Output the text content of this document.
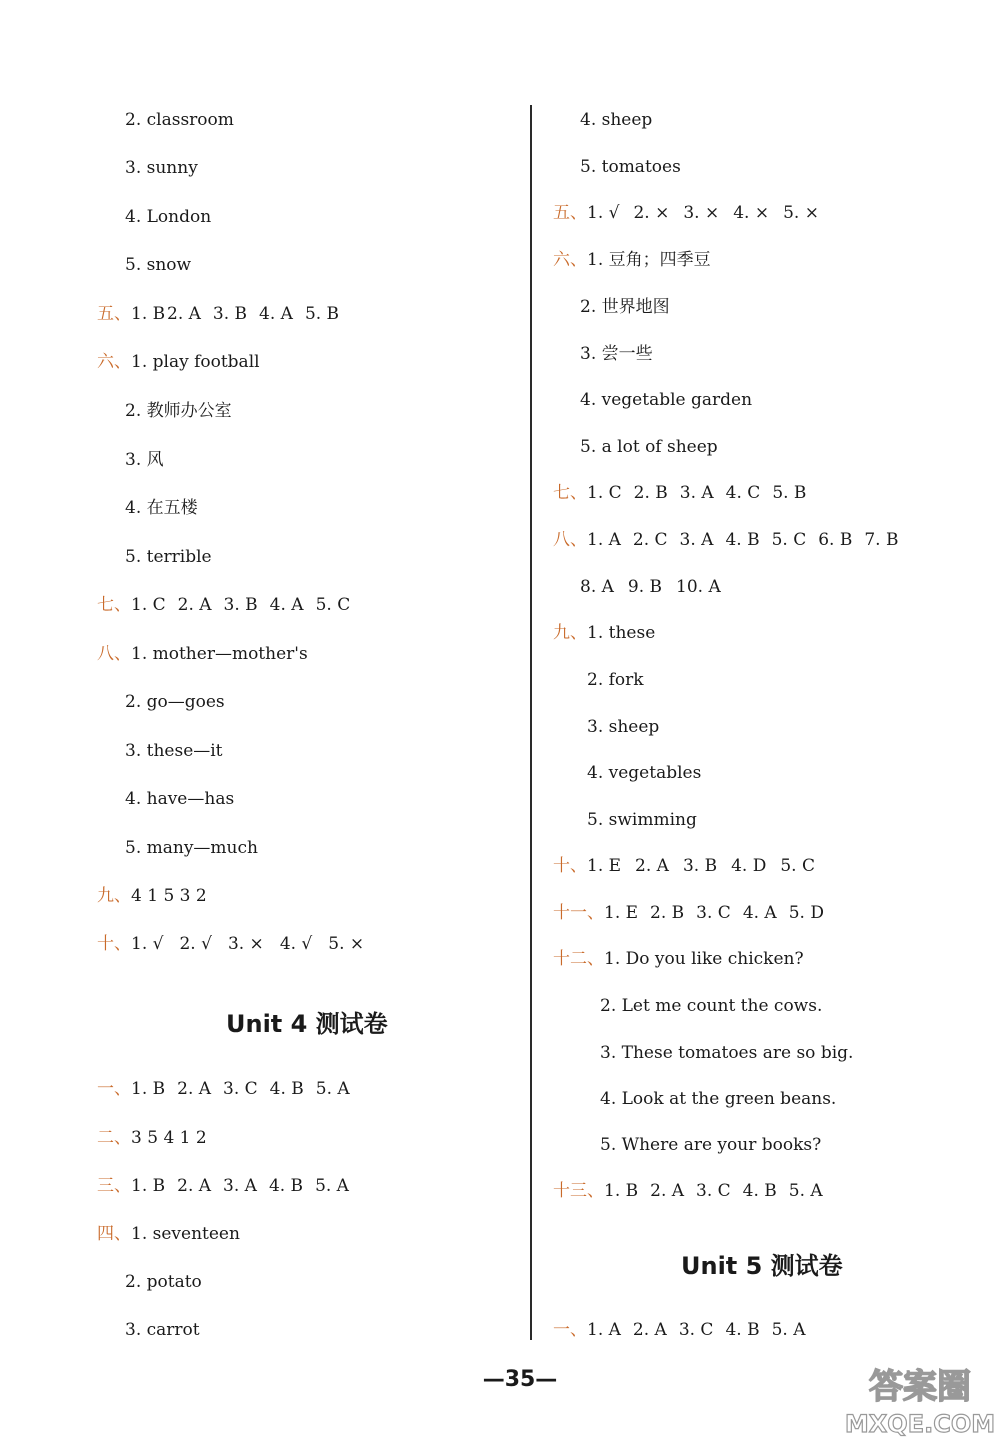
2. classroom
3. sunny
4. London
5. snow
五、1. B 2. A 3. B 4. A 5. B
六、1. play football
2. 教师办公室
3. 风
4. 在五楼
5. terrible
七、1. C 2. A 3. B 4. A 5. C
八、1. mother—mother's
2. go—goes
3. these—it
4. have—has
5. many—much
九、4 1 5 3 2
十、1. √ 2. √ 3. × 4. √ 5. ×
Unit 4 测试卷
一、1. B 2. A 3. C 4. B 5. A
二、3 5 4 1 2
三、1. B 2. A 3. A 4. B 5. A
四、1. seventeen
2. potato
3. carrot
4. sheep
5. tomatoes
五、1. √ 2. × 3. × 4. × 5. ×
六、1. 豆角；四季豆
2. 世界地图
3. 尝一些
4. vegetable garden
5. a lot of sheep
七、1. C 2. B 3. A 4. C 5. B
八、1. A 2. C 3. A 4. B 5. C 6. B 7. B
8. A 9. B 10. A
九、1. these
2. fork
3. sheep
4. vegetables
5. swimming
十、1. E 2. A 3. B 4. D 5. C
十一、1. E 2. B 3. C 4. A 5. D
十二、1. Do you like chicken?
2. Let me count the cows.
3. These tomatoes are so big.
4. Look at the green beans.
5. Where are your books?
十三、1. B 2. A 3. C 4. B 5. A
Unit 5 测试卷
一、1. A 2. A 3. C 4. B 5. A
—35—	答案圈
MXQE.COM
